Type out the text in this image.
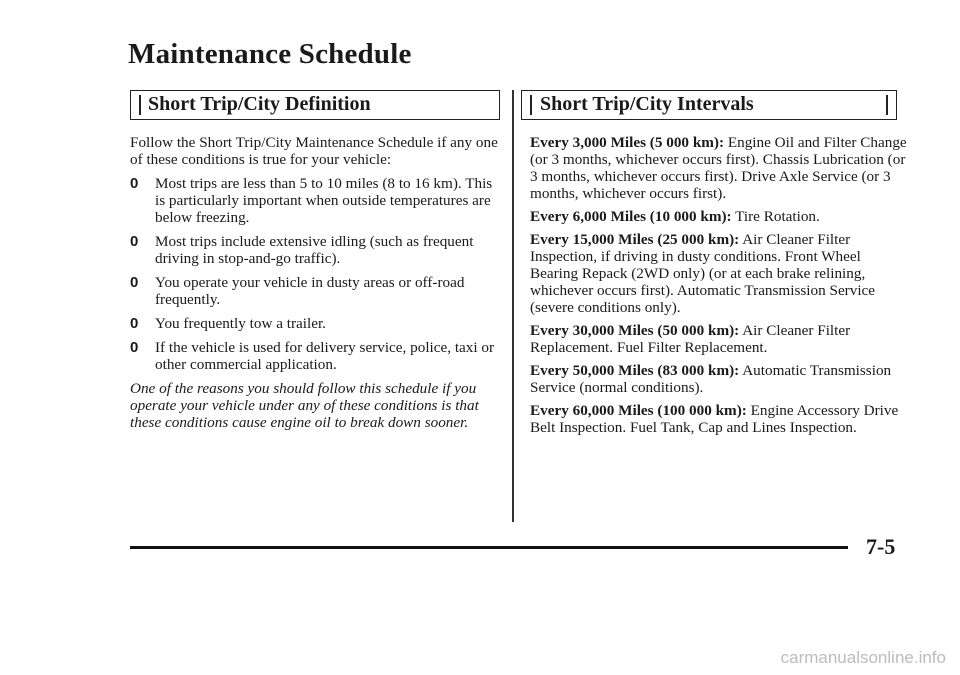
Maintenance Schedule
Short Trip/City Definition	Short Trip/City Intervals

Follow the Short Trip/City Maintenance Schedule if any one of these conditions is true for your vehicle:

0 Most trips are less than 5 to 10 miles (8 to 16 km). This is particularly important when outside temperatures are below freezing.
0 Most trips include extensive idling (such as frequent driving in stop-and-go traffic).
0 You operate your vehicle in dusty areas or off-road frequently.
0 You frequently tow a trailer.
0 If the vehicle is used for delivery service, police, taxi or other commercial application.

One of the reasons you should follow this schedule if you operate your vehicle under any of these conditions is that these conditions cause engine oil to break down sooner.

Every 3,000 Miles (5 000 km): Engine Oil and Filter Change (or 3 months, whichever occurs first). Chassis Lubrication (or 3 months, whichever occurs first). Drive Axle Service (or 3 months, whichever occurs first).
Every 6,000 Miles (10 000 km): Tire Rotation.
Every 15,000 Miles (25 000 km): Air Cleaner Filter Inspection, if driving in dusty conditions. Front Wheel Bearing Repack (2WD only) (or at each brake relining, whichever occurs first). Automatic Transmission Service (severe conditions only).
Every 30,000 Miles (50 000 km): Air Cleaner Filter Replacement. Fuel Filter Replacement.
Every 50,000 Miles (83 000 km): Automatic Transmission Service (normal conditions).
Every 60,000 Miles (100 000 km): Engine Accessory Drive Belt Inspection. Fuel Tank, Cap and Lines Inspection.
7-5
carmanualsonline.info
